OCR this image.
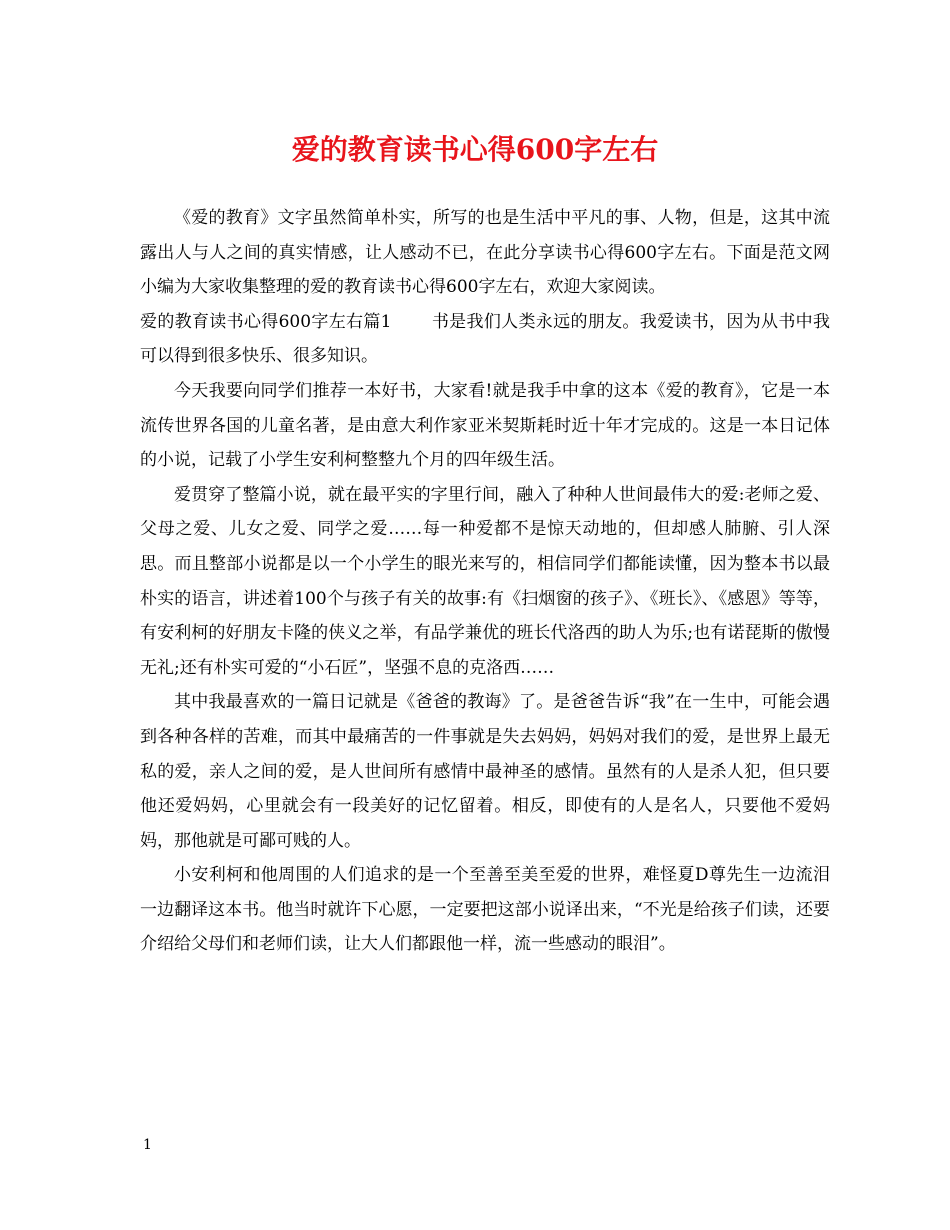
爱的教育读书心得600字左右

《爱的教育》文字虽然简单朴实，所写的也是生活中平凡的事、人物，但是，这其中流露出人与人之间的真实情感，让人感动不已，在此分享读书心得600字左右。下面是范文网小编为大家收集整理的爱的教育读书心得600字左右，欢迎大家阅读。

爱的教育读书心得600字左右篇1 书是我们人类永远的朋友。我爱读书，因为从书中我可以得到很多快乐、很多知识。

今天我要向同学们推荐一本好书，大家看!就是我手中拿的这本《爱的教育》，它是一本流传世界各国的儿童名著，是由意大利作家亚米契斯耗时近十年才完成的。这是一本日记体的小说，记载了小学生安利柯整整九个月的四年级生活。

爱贯穿了整篇小说，就在最平实的字里行间，融入了种种人世间最伟大的爱:老师之爱、父母之爱、儿女之爱、同学之爱……每一种爱都不是惊天动地的，但却感人肺腑、引人深思。而且整部小说都是以一个小学生的眼光来写的，相信同学们都能读懂，因为整本书以最朴实的语言，讲述着100个与孩子有关的故事:有《扫烟窗的孩子》、《班长》、《感恩》等等，有安利柯的好朋友卡隆的侠义之举，有品学兼优的班长代洛西的助人为乐;也有诺琵斯的傲慢无礼;还有朴实可爱的“小石匠”，坚强不息的克洛西……

其中我最喜欢的一篇日记就是《爸爸的教诲》了。是爸爸告诉“我”在一生中，可能会遇到各种各样的苦难，而其中最痛苦的一件事就是失去妈妈，妈妈对我们的爱，是世界上最无私的爱，亲人之间的爱，是人世间所有感情中最神圣的感情。虽然有的人是杀人犯，但只要他还爱妈妈，心里就会有一段美好的记忆留着。相反，即使有的人是名人，只要他不爱妈妈，那他就是可鄙可贱的人。

小安利柯和他周围的人们追求的是一个至善至美至爱的世界，难怪夏D尊先生一边流泪一边翻译这本书。他当时就许下心愿，一定要把这部小说译出来，“不光是给孩子们读，还要介绍给父母们和老师们读，让大人们都跟他一样，流一些感动的眼泪”。

1
